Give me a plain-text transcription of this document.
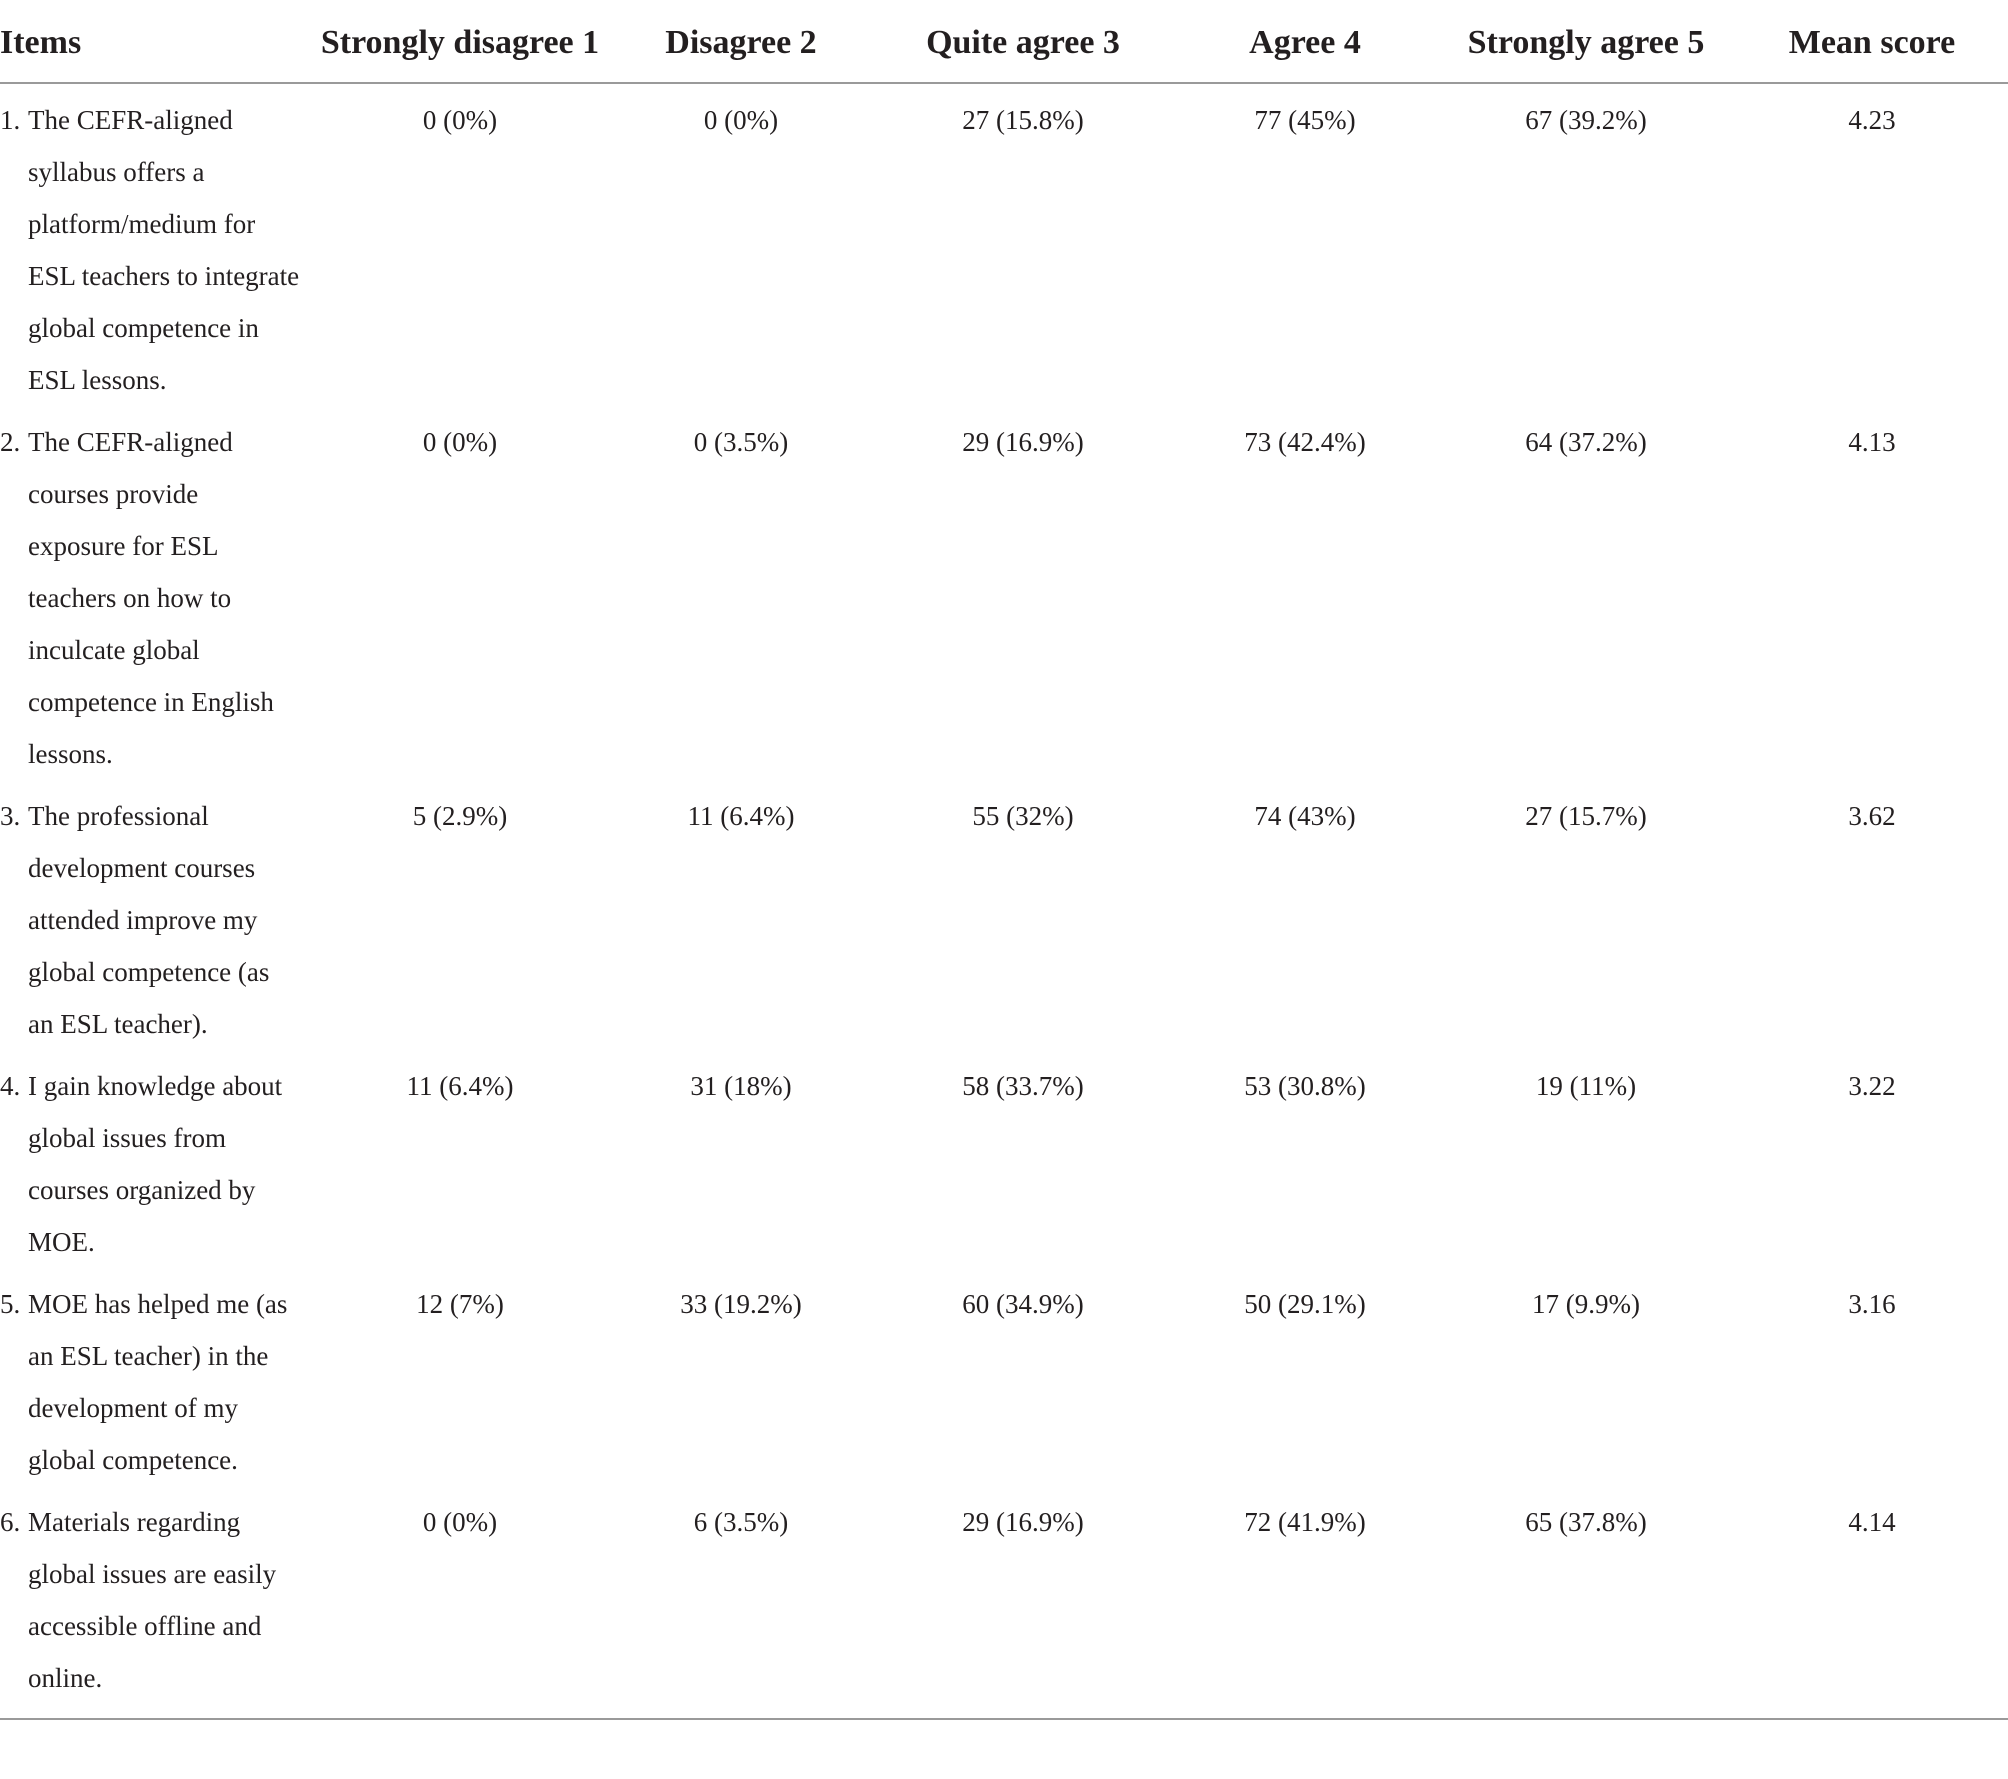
Items	Strongly disagree 1	Disagree 2	Quite agree 3	Agree 4	Strongly agree 5	Mean score
1. The CEFR-aligned syllabus offers a platform/medium for ESL teachers to integrate global competence in ESL lessons.	0 (0%)	0 (0%)	27 (15.8%)	77 (45%)	67 (39.2%)	4.23
2. The CEFR-aligned courses provide exposure for ESL teachers on how to inculcate global competence in English lessons.	0 (0%)	0 (3.5%)	29 (16.9%)	73 (42.4%)	64 (37.2%)	4.13
3. The professional development courses attended improve my global competence (as an ESL teacher).	5 (2.9%)	11 (6.4%)	55 (32%)	74 (43%)	27 (15.7%)	3.62
4. I gain knowledge about global issues from courses organized by MOE.	11 (6.4%)	31 (18%)	58 (33.7%)	53 (30.8%)	19 (11%)	3.22
5. MOE has helped me (as an ESL teacher) in the development of my global competence.	12 (7%)	33 (19.2%)	60 (34.9%)	50 (29.1%)	17 (9.9%)	3.16
6. Materials regarding global issues are easily accessible offline and online.	0 (0%)	6 (3.5%)	29 (16.9%)	72 (41.9%)	65 (37.8%)	4.14
